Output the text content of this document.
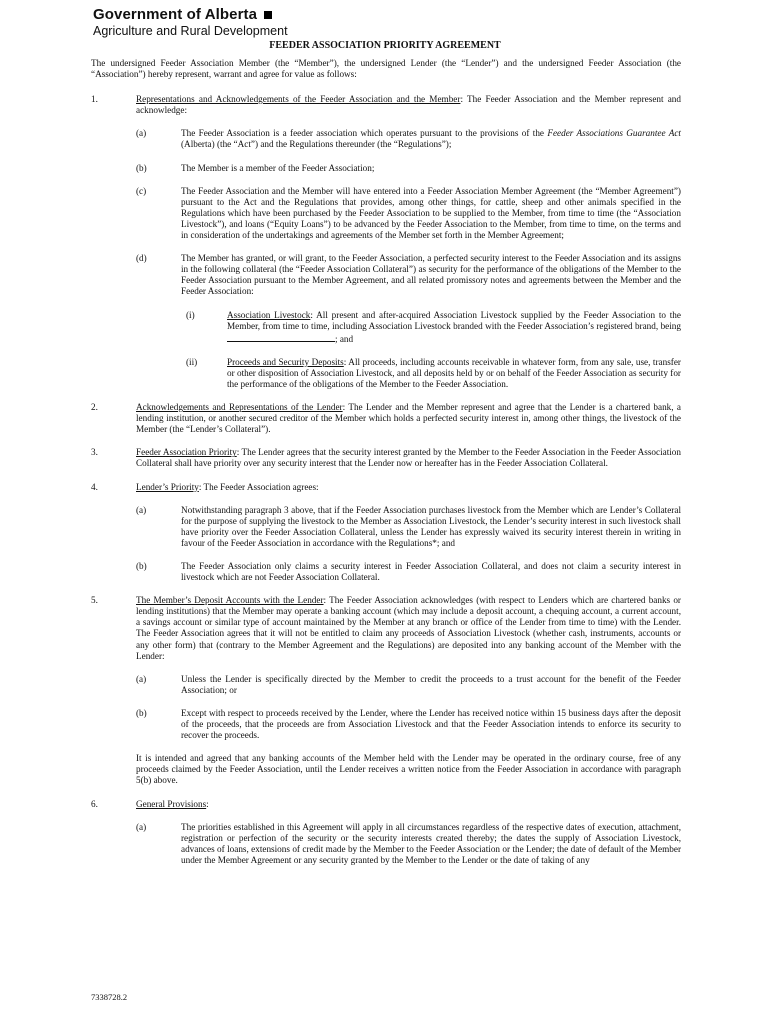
Government of Alberta
Agriculture and Rural Development
FEEDER ASSOCIATION PRIORITY AGREEMENT

The undersigned Feeder Association Member (the “Member”), the undersigned Lender (the “Lender”) and the undersigned Feeder Association (the “Association”) hereby represent, warrant and agree for value as follows:

1.	Representations and Acknowledgements of the Feeder Association and the Member: The Feeder Association and the Member represent and acknowledge:

(a)	The Feeder Association is a feeder association which operates pursuant to the provisions of the Feeder Associations Guarantee Act (Alberta) (the “Act”) and the Regulations thereunder (the “Regulations”);

(b)	The Member is a member of the Feeder Association;

(c)	The Feeder Association and the Member will have entered into a Feeder Association Member Agreement (the “Member Agreement”) pursuant to the Act and the Regulations that provides, among other things, for cattle, sheep and other animals specified in the Regulations which have been purchased by the Feeder Association to be supplied to the Member, from time to time (the “Association Livestock”), and loans (“Equity Loans”) to be advanced by the Feeder Association to the Member, from time to time, on the terms and in consideration of the undertakings and agreements of the Member set forth in the Member Agreement;

(d)	The Member has granted, or will grant, to the Feeder Association, a perfected security interest to the Feeder Association and its assigns in the following collateral (the “Feeder Association Collateral”) as security for the performance of the obligations of the Member to the Feeder Association pursuant to the Member Agreement, and all related promissory notes and agreements between the Member and the Feeder Association:

(i)	Association Livestock: All present and after-acquired Association Livestock supplied by the Feeder Association to the Member, from time to time, including Association Livestock branded with the Feeder Association’s registered brand, being ; and

(ii)	Proceeds and Security Deposits: All proceeds, including accounts receivable in whatever form, from any sale, use, transfer or other disposition of Association Livestock, and all deposits held by or on behalf of the Feeder Association as security for the performance of the obligations of the Member to the Feeder Association.

2.	Acknowledgements and Representations of the Lender: The Lender and the Member represent and agree that the Lender is a chartered bank, a lending institution, or another secured creditor of the Member which holds a perfected security interest in, among other things, the livestock of the Member (the “Lender’s Collateral”).

3.	Feeder Association Priority: The Lender agrees that the security interest granted by the Member to the Feeder Association in the Feeder Association Collateral shall have priority over any security interest that the Lender now or hereafter has in the Feeder Association Collateral.

4.	Lender’s Priority: The Feeder Association agrees:

(a)	Notwithstanding paragraph 3 above, that if the Feeder Association purchases livestock from the Member which are Lender’s Collateral for the purpose of supplying the livestock to the Member as Association Livestock, the Lender’s security interest in such livestock shall have priority over the Feeder Association Collateral, unless the Lender has expressly waived its security interest therein in writing in favour of the Feeder Association in accordance with the Regulations*; and

(b)	The Feeder Association only claims a security interest in Feeder Association Collateral, and does not claim a security interest in livestock which are not Feeder Association Collateral.

5.	The Member’s Deposit Accounts with the Lender: The Feeder Association acknowledges (with respect to Lenders which are chartered banks or lending institutions) that the Member may operate a banking account (which may include a deposit account, a chequing account, a current account, a savings account or similar type of account maintained by the Member at any branch or office of the Lender from time to time) with the Lender. The Feeder Association agrees that it will not be entitled to claim any proceeds of Association Livestock (whether cash, instruments, accounts or any other form) that (contrary to the Member Agreement and the Regulations) are deposited into any banking account of the Member with the Lender:

(a)	Unless the Lender is specifically directed by the Member to credit the proceeds to a trust account for the benefit of the Feeder Association; or

(b)	Except with respect to proceeds received by the Lender, where the Lender has received notice within 15 business days after the deposit of the proceeds, that the proceeds are from Association Livestock and that the Feeder Association intends to enforce its security to recover the proceeds.

It is intended and agreed that any banking accounts of the Member held with the Lender may be operated in the ordinary course, free of any proceeds claimed by the Feeder Association, until the Lender receives a written notice from the Feeder Association in accordance with paragraph 5(b) above.

6.	General Provisions:

(a)	The priorities established in this Agreement will apply in all circumstances regardless of the respective dates of execution, attachment, registration or perfection of the security or the security interests created thereby; the dates the supply of Association Livestock, advances of loans, extensions of credit made by the Member to the Feeder Association or the Lender; the date of default of the Member under the Member Agreement or any security granted by the Member to the Lender or the date of taking of any

7338728.2
